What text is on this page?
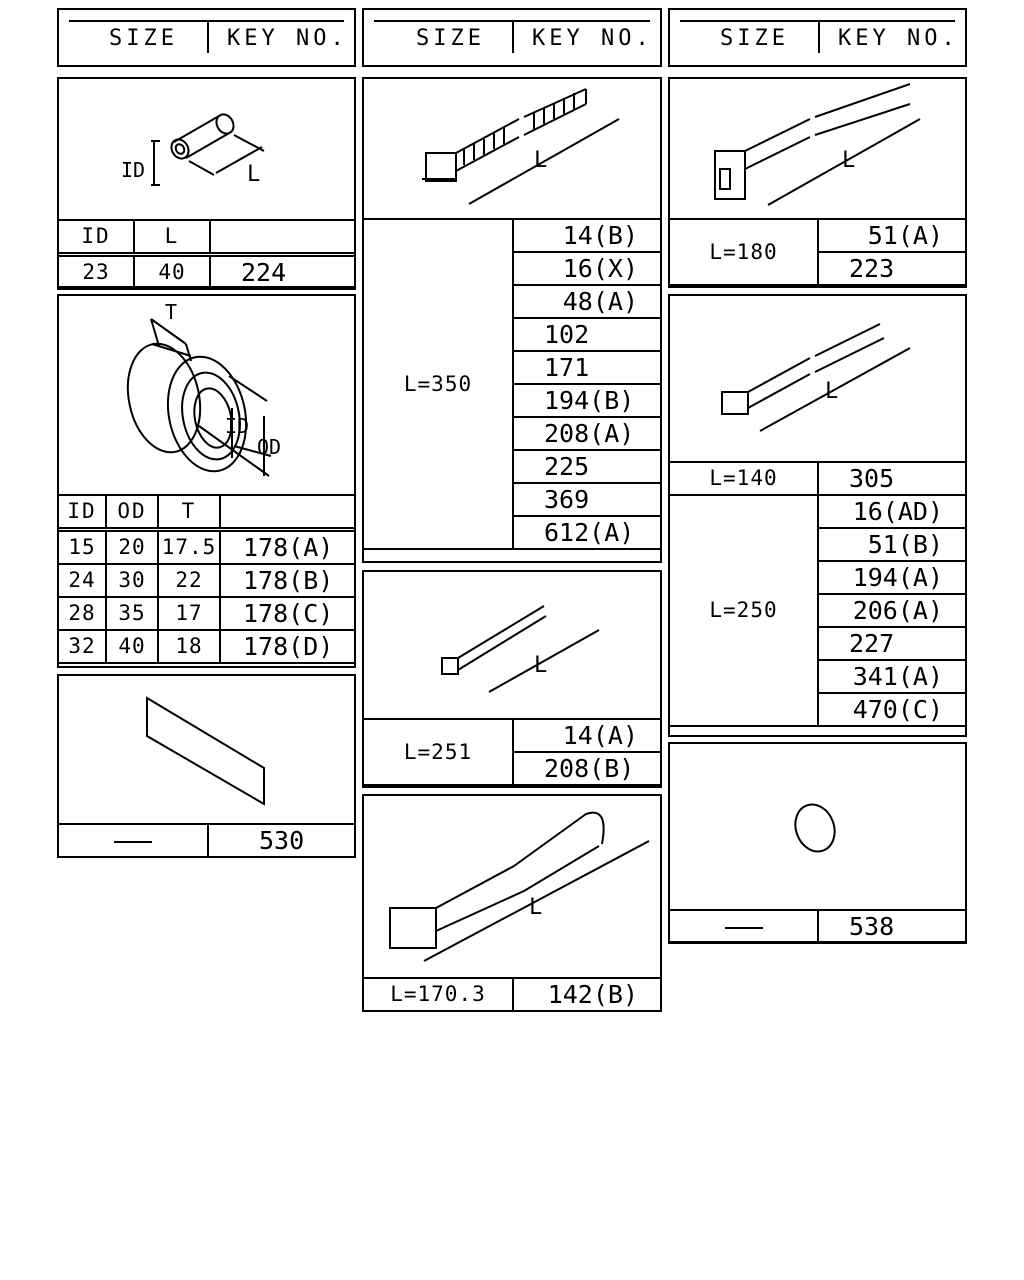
SIZE KEY NO.	SIZE KEY NO.	SIZE KEY NO.
ID	L
ID	L	
23	40	224
T
ID
OD
ID	OD	T	
15	20	17.5	178(A)
24	30	22	178(B)
28	35	17	178(C)
32	40	18	178(D)
	530
L
L=350	14(B)
16(X)
48(A)
102
171
194(B)
208(A)
225
369
612(A)
L
L=251	14(A)
208(B)
L
L=170.3	142(B)
L
L=180	51(A)
223
L
L=140	305
L=250	16(AD)
	51(B)
	194(A)
	206(A)
	227
	341(A)
	470(C)
	538
